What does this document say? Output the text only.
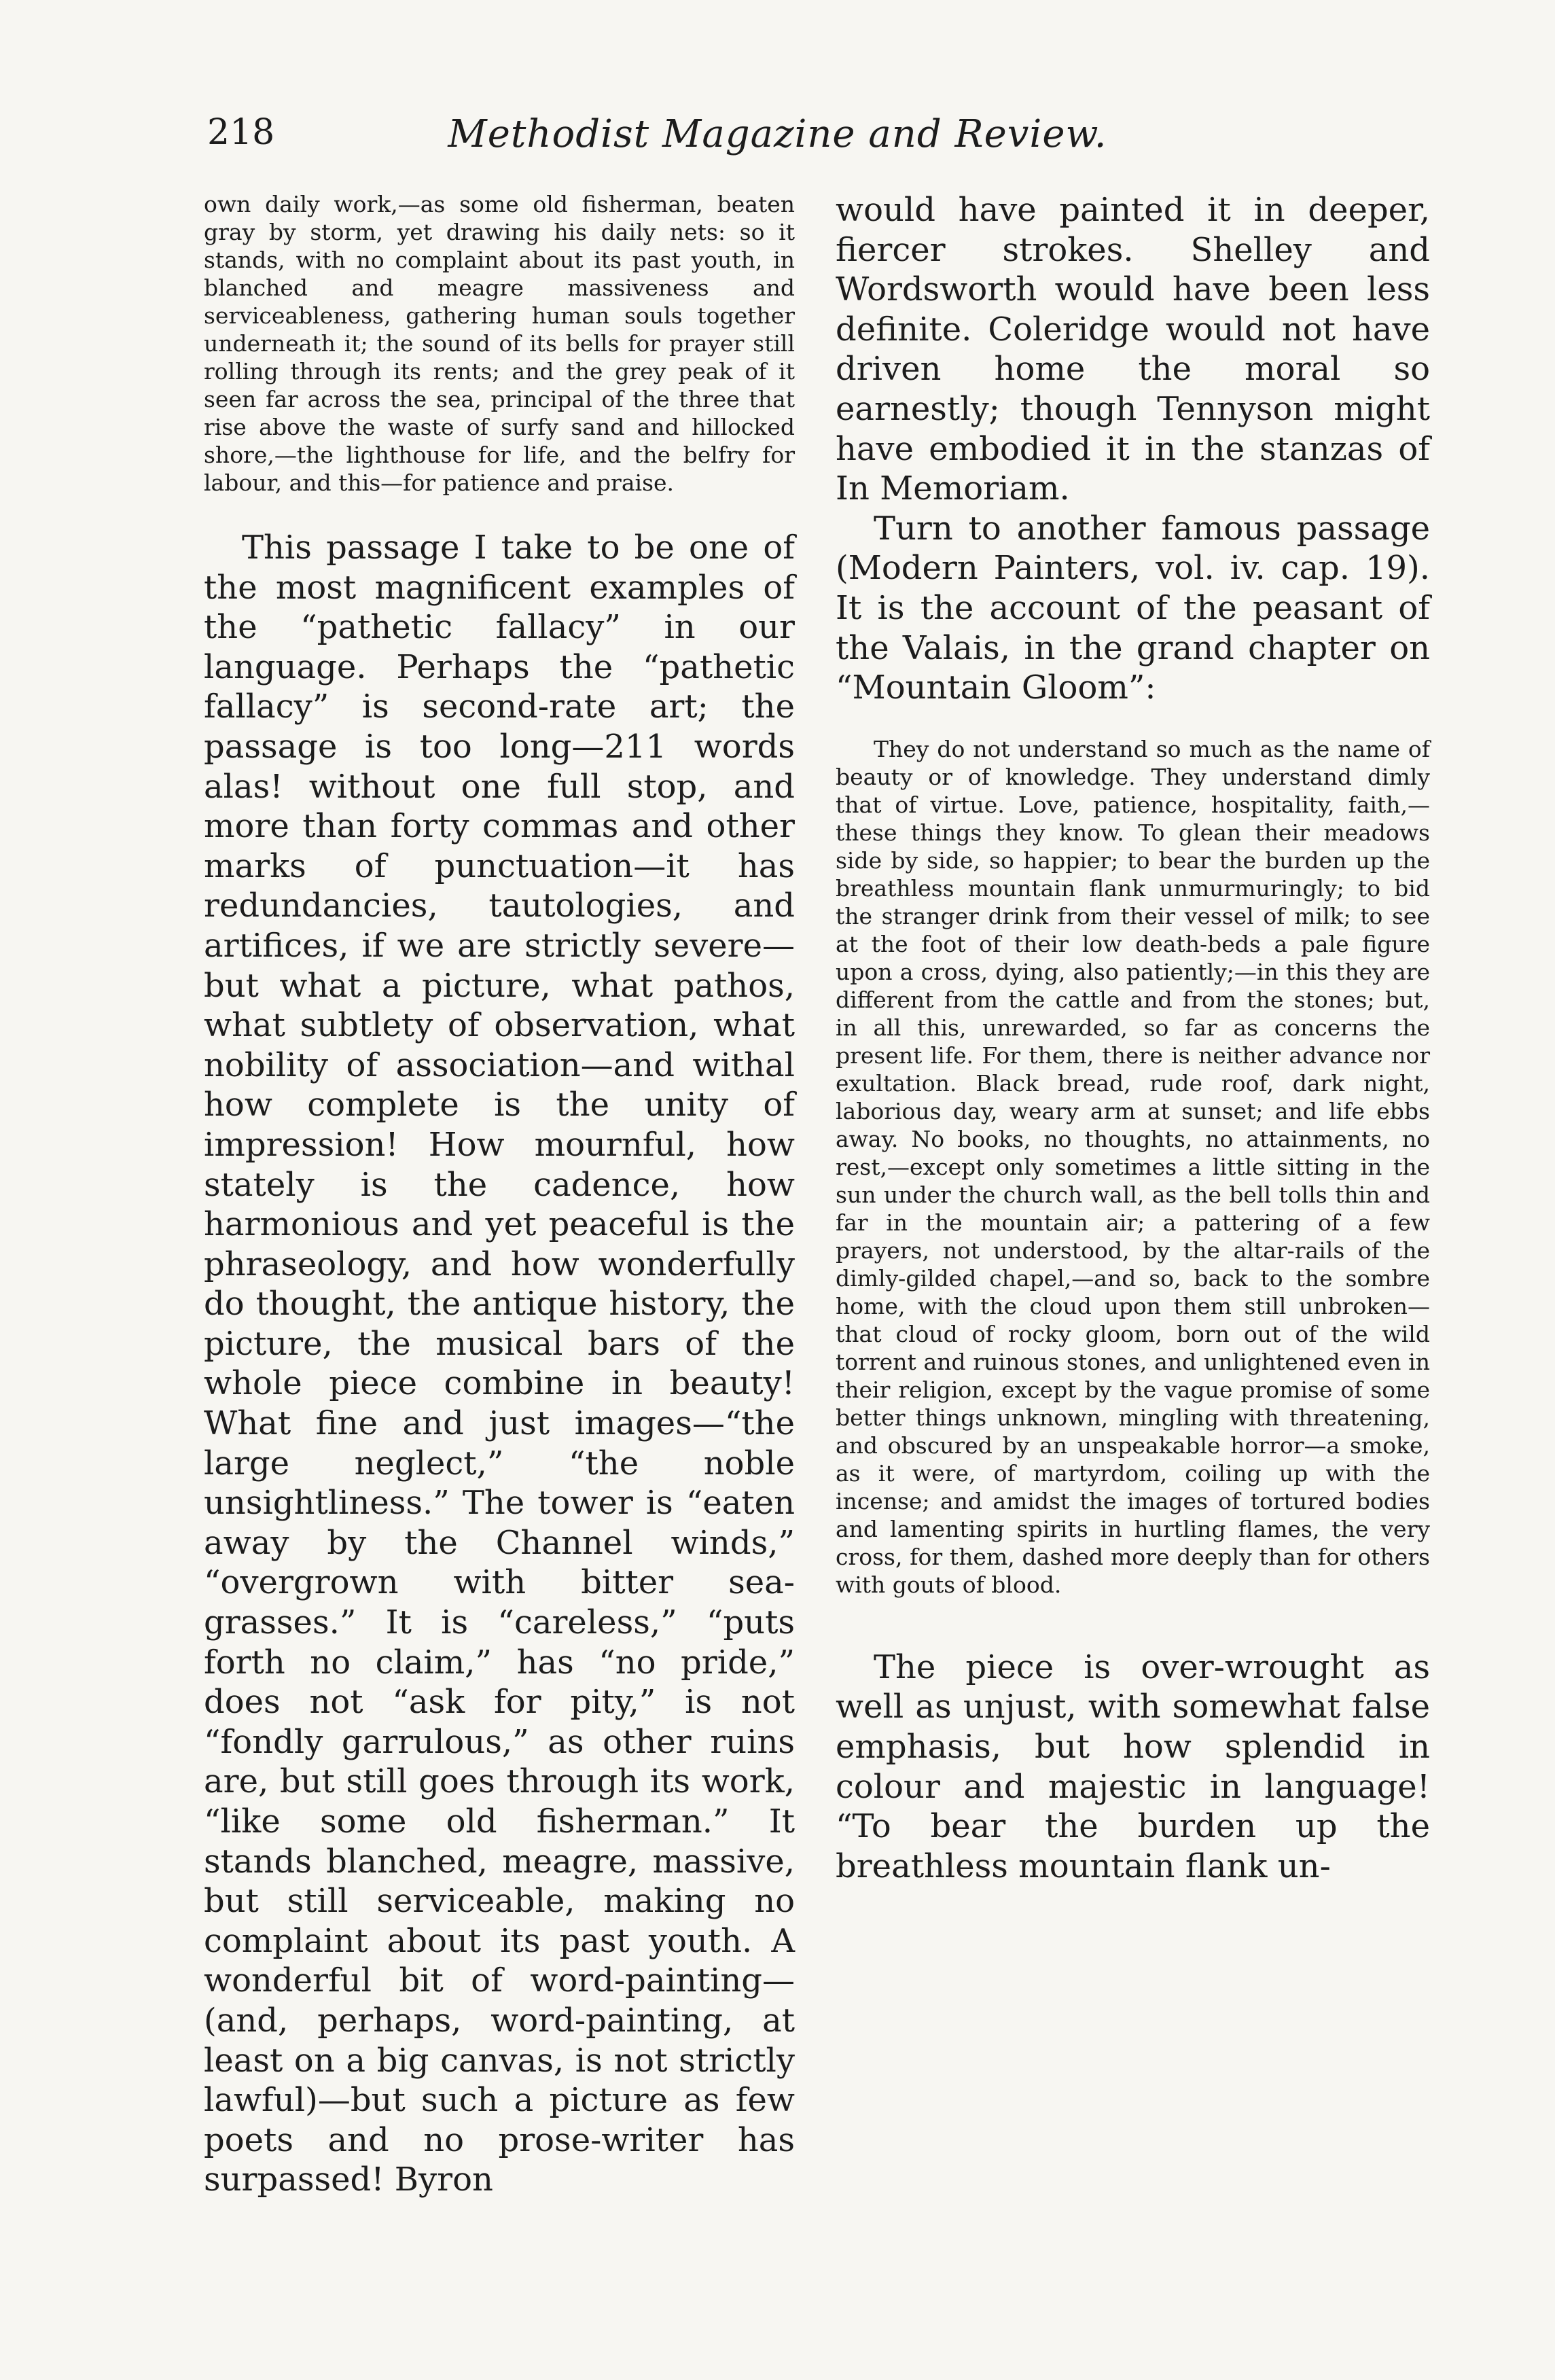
218	Methodist Magazine and Review.

own daily work,—as some old fisherman, beaten gray by storm, yet drawing his daily nets: so it stands, with no complaint about its past youth, in blanched and meagre massiveness and serviceableness, gathering human souls together underneath it; the sound of its bells for prayer still rolling through its rents; and the grey peak of it seen far across the sea, principal of the three that rise above the waste of surfy sand and hillocked shore,—the lighthouse for life, and the belfry for labour, and this—for patience and praise.

This passage I take to be one of the most magnificent examples of the “pathetic fallacy” in our language. Perhaps the “pathetic fallacy” is second-rate art; the passage is too long—211 words alas! without one full stop, and more than forty commas and other marks of punctuation—it has redundancies, tautologies, and artifices, if we are strictly severe—but what a picture, what pathos, what subtlety of observation, what nobility of association—and withal how complete is the unity of impression! How mournful, how stately is the cadence, how harmonious and yet peaceful is the phraseology, and how wonderfully do thought, the antique history, the picture, the musical bars of the whole piece combine in beauty! What fine and just images—“the large neglect,” “the noble unsightliness.” The tower is “eaten away by the Channel winds,” “overgrown with bitter sea-grasses.” It is “careless,” “puts forth no claim,” has “no pride,” does not “ask for pity,” is not “fondly garrulous,” as other ruins are, but still goes through its work, “like some old fisherman.” It stands blanched, meagre, massive, but still serviceable, making no complaint about its past youth. A wonderful bit of word-painting—(and, perhaps, word-painting, at least on a big canvas, is not strictly lawful)—but such a picture as few poets and no prose-writer has surpassed! Byron

would have painted it in deeper, fiercer strokes. Shelley and Wordsworth would have been less definite. Coleridge would not have driven home the moral so earnestly; though Tennyson might have embodied it in the stanzas of In Memoriam.

Turn to another famous passage (Modern Painters, vol. iv. cap. 19). It is the account of the peasant of the Valais, in the grand chapter on “Mountain Gloom”:

They do not understand so much as the name of beauty or of knowledge. They understand dimly that of virtue. Love, patience, hospitality, faith,—these things they know. To glean their meadows side by side, so happier; to bear the burden up the breathless mountain flank unmurmuringly; to bid the stranger drink from their vessel of milk; to see at the foot of their low death-beds a pale figure upon a cross, dying, also patiently;—in this they are different from the cattle and from the stones; but, in all this, unrewarded, so far as concerns the present life. For them, there is neither advance nor exultation. Black bread, rude roof, dark night, laborious day, weary arm at sunset; and life ebbs away. No books, no thoughts, no attainments, no rest,—except only sometimes a little sitting in the sun under the church wall, as the bell tolls thin and far in the mountain air; a pattering of a few prayers, not understood, by the altar-rails of the dimly-gilded chapel,—and so, back to the sombre home, with the cloud upon them still unbroken—that cloud of rocky gloom, born out of the wild torrent and ruinous stones, and unlightened even in their religion, except by the vague promise of some better things unknown, mingling with threatening, and obscured by an unspeakable horror—a smoke, as it were, of martyrdom, coiling up with the incense; and amidst the images of tortured bodies and lamenting spirits in hurtling flames, the very cross, for them, dashed more deeply than for others with gouts of blood.

The piece is over-wrought as well as unjust, with somewhat false emphasis, but how splendid in colour and majestic in language! “To bear the burden up the breathless mountain flank un-
